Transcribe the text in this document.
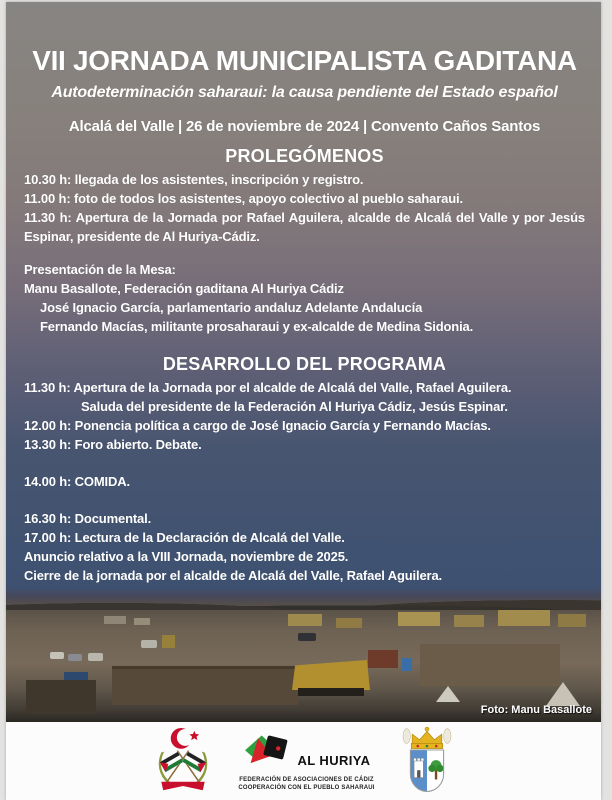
VII JORNADA MUNICIPALISTA GADITANA
Autodeterminación saharaui: la causa pendiente del Estado español
Alcalá del Valle | 26 de noviembre de 2024 | Convento Caños Santos
PROLEGÓMENOS
10.30 h: llegada de los asistentes, inscripción y registro.
11.00 h: foto de todos los asistentes, apoyo colectivo al pueblo saharaui.
11.30 h: Apertura de la Jornada por Rafael Aguilera, alcalde de Alcalá del Valle y por Jesús Espinar, presidente de Al Huriya-Cádiz.
Presentación de la Mesa:
Manu Basallote, Federación gaditana Al Huriya Cádiz
José Ignacio García, parlamentario andaluz Adelante Andalucía
Fernando Macías, militante prosaharaui y ex-alcalde de Medina Sidonia.
DESARROLLO DEL PROGRAMA
11.30 h: Apertura de la Jornada por el alcalde de Alcalá del Valle, Rafael Aguilera.
Saluda del presidente de la Federación Al Huriya Cádiz, Jesús Espinar.
12.00 h: Ponencia política a cargo de José Ignacio García y Fernando Macías.
13.30 h: Foro abierto. Debate.
14.00 h: COMIDA.
16.30 h: Documental.
17.00 h: Lectura de la Declaración de Alcalá del Valle.
Anuncio relativo a la VIII Jornada, noviembre de 2025.
Cierre de la jornada por el alcalde de Alcalá del Valle, Rafael Aguilera.
Foto: Manu Basallote
AL HURIYA
FEDERACIÓN DE ASOCIACIONES DE CÁDIZ
COOPERACIÓN CON EL PUEBLO SAHARAUI
